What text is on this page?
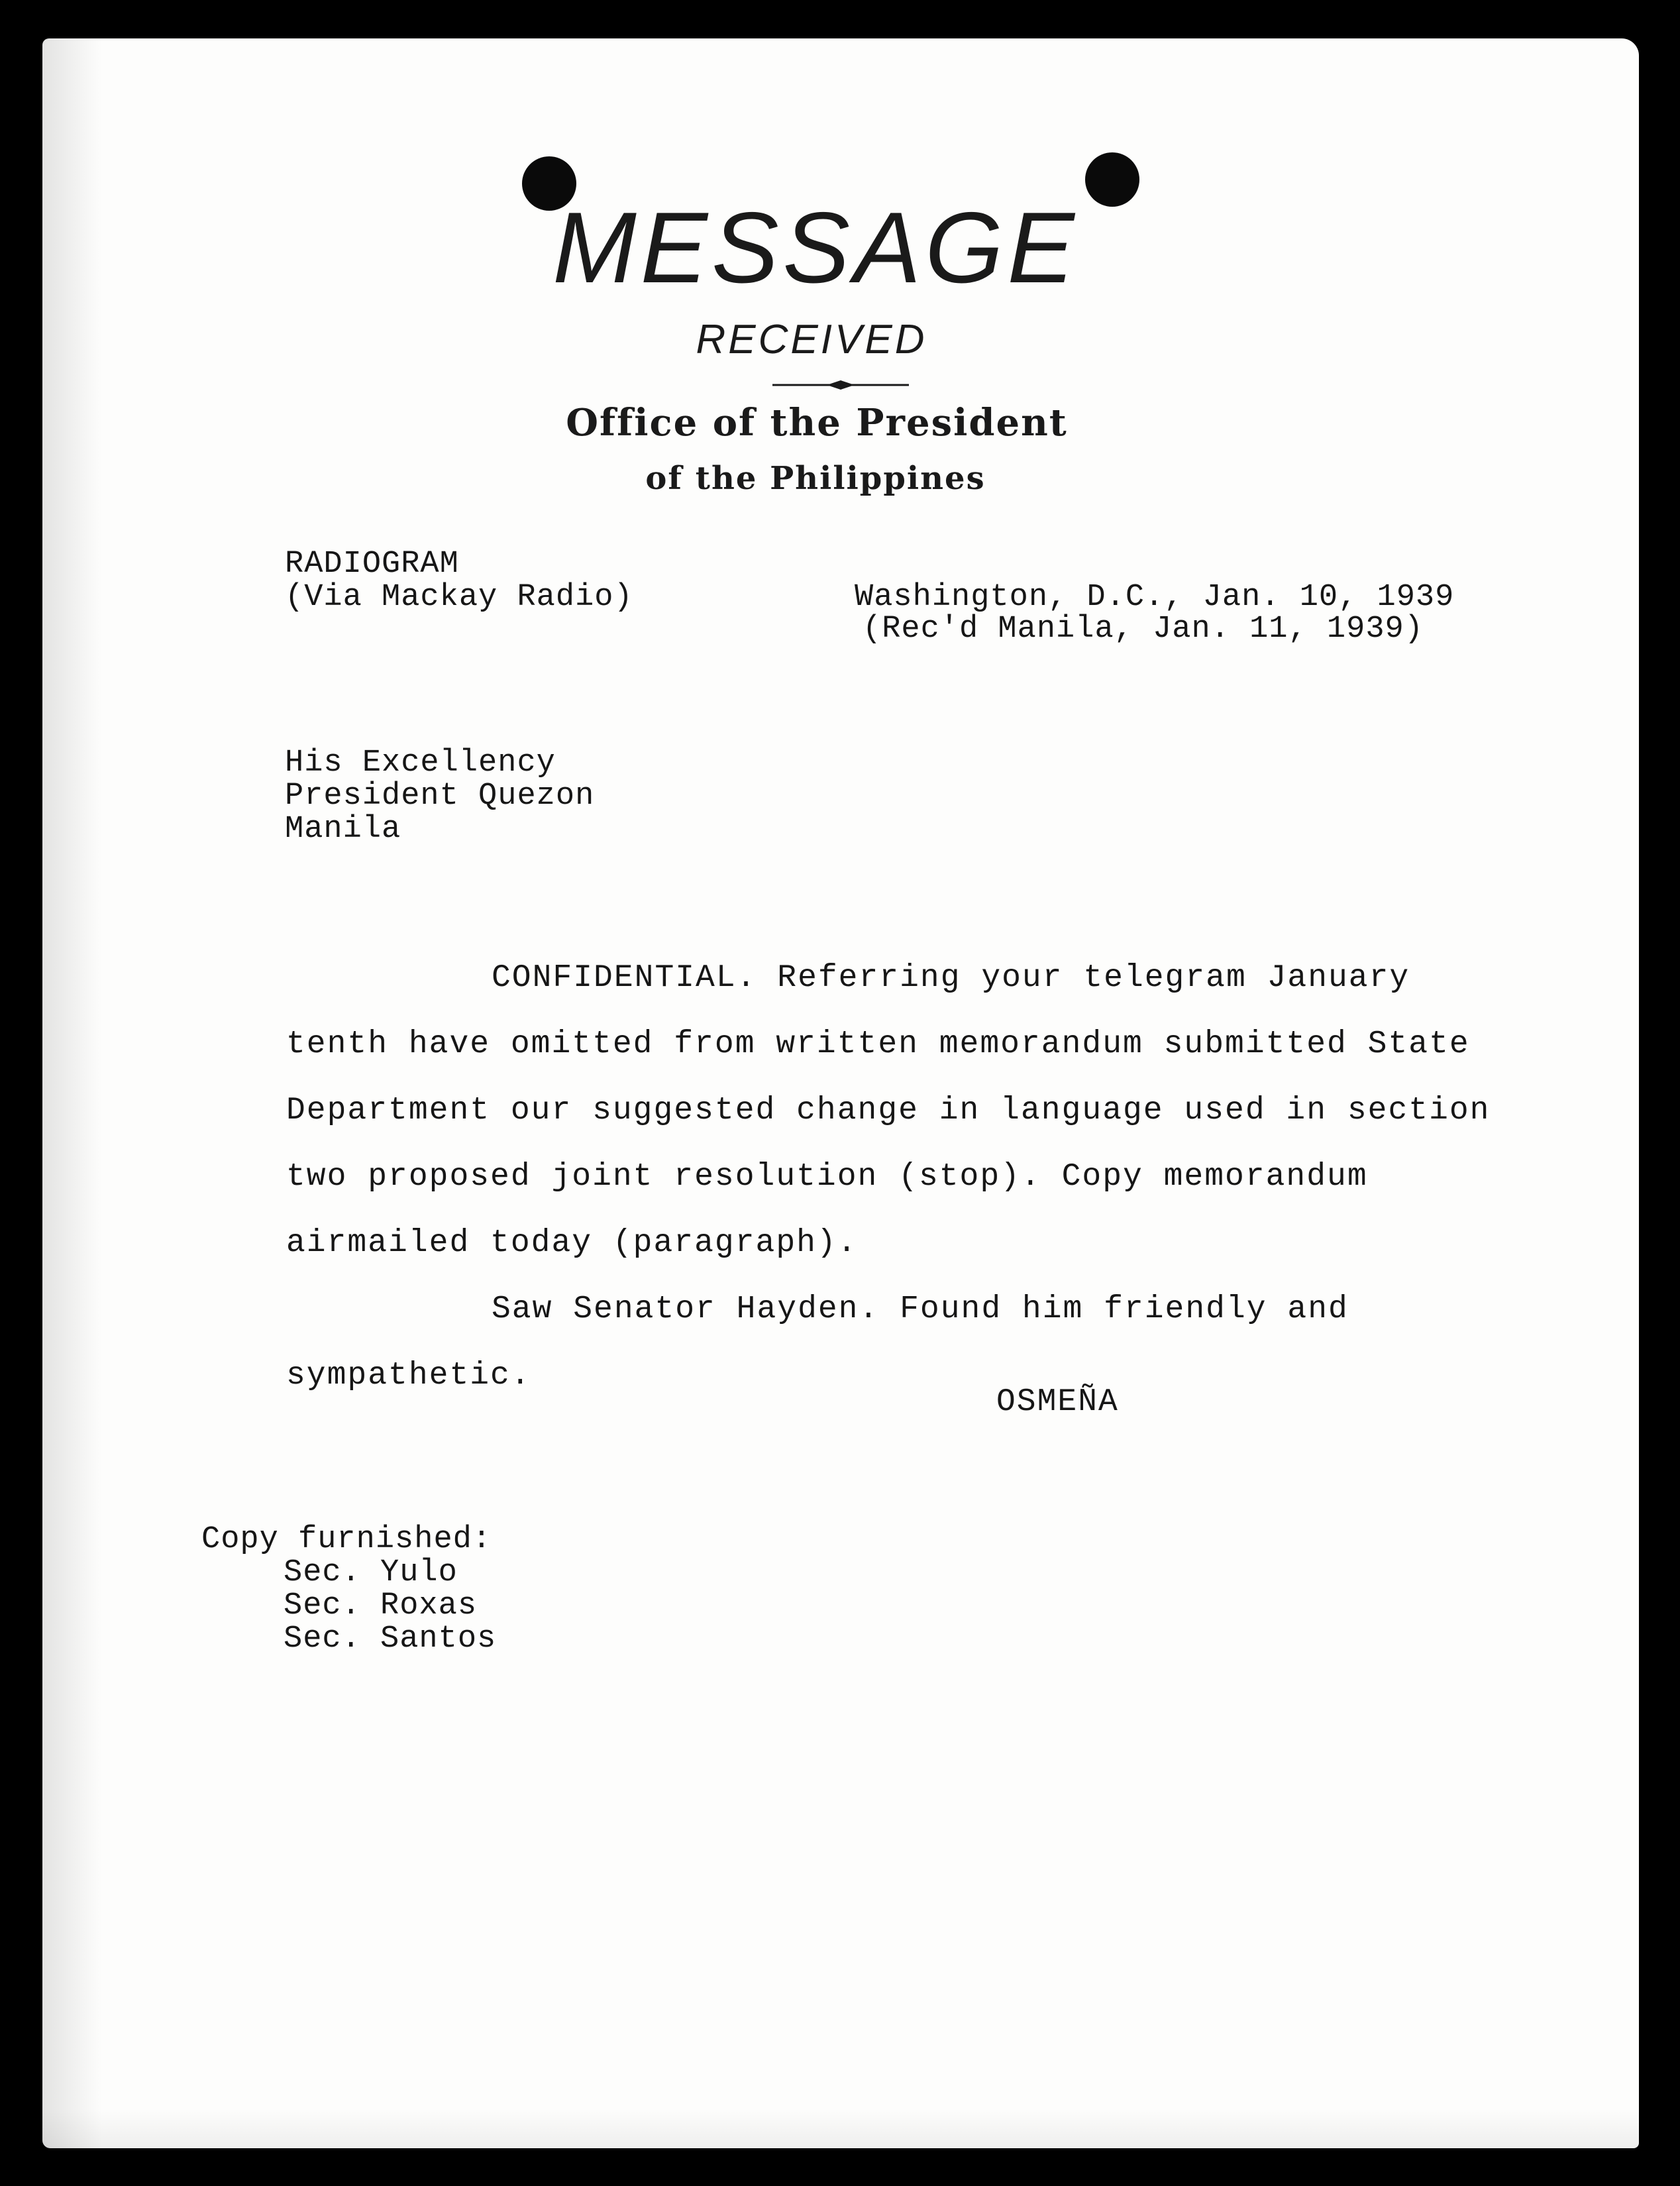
MESSAGE
RECEIVED
Office of the President
of the Philippines
RADIOGRAM
(Via Mackay Radio)	Washington, D.C., Jan. 10, 1939
(Rec'd Manila, Jan. 11, 1939)
His Excellency
President Quezon
Manila

CONFIDENTIAL. Referring your telegram January tenth have omitted from written memorandum submitted State Department our suggested change in language used in section two proposed joint resolution (stop). Copy memorandum airmailed today (paragraph).

Saw Senator Hayden. Found him friendly and sympathetic.

OSMEÑA
Copy furnished:
Sec. Yulo
Sec. Roxas
Sec. Santos
